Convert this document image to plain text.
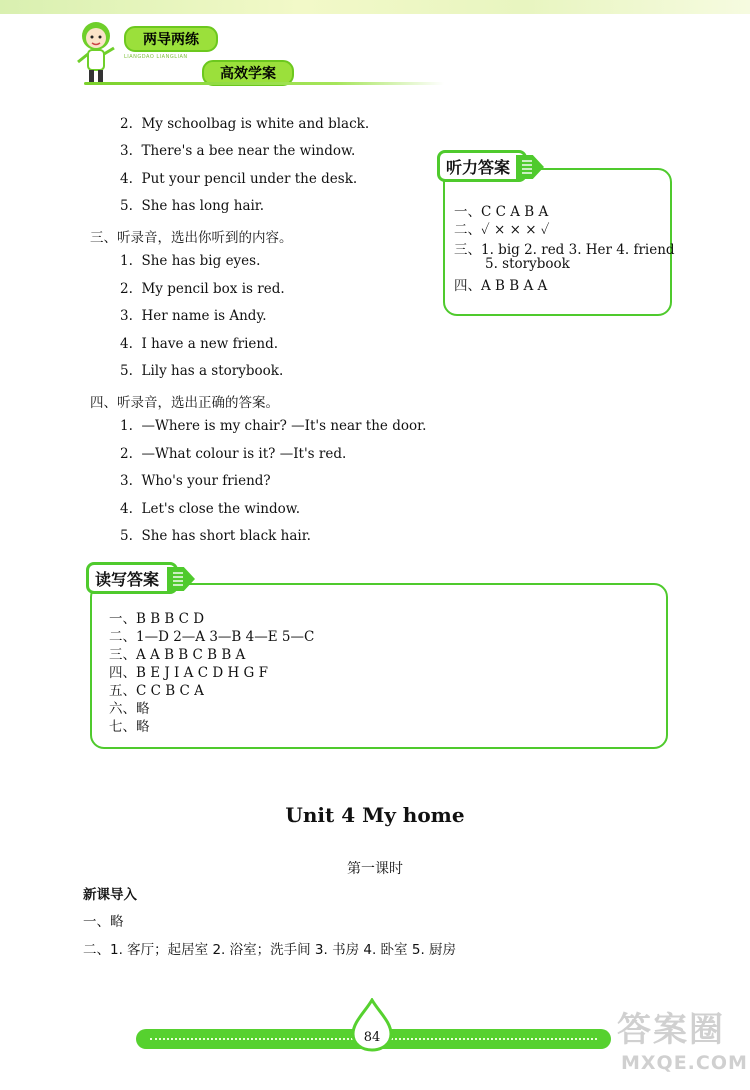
两导两练
LIANGDAO LIANGLIAN
高效学案
2. My schoolbag is white and black.
3. There's a bee near the window.
4. Put your pencil under the desk.
5. She has long hair.
三、听录音，选出你听到的内容。
1. She has big eyes.
2. My pencil box is red.
3. Her name is Andy.
4. I have a new friend.
5. Lily has a storybook.
四、听录音，选出正确的答案。
1. —Where is my chair? —It's near the door.
2. —What colour is it? —It's red.
3. Who's your friend?
4. Let's close the window.
5. She has short black hair.
一、C C A B A
二、✓ × × × ✓
三、1. big 2. red 3. Her 4. friend
5. storybook
四、A B B A A
听力答案
一、B B B C D
二、1—D 2—A 3—B 4—E 5—C
三、A A B B C B B A
四、B E J I A C D H G F
五、C C B C A
六、略
七、略
读写答案
Unit 4 My home
第一课时
新课导入
一、略
二、1. 客厅；起居室 2. 浴室；洗手间 3. 书房 4. 卧室 5. 厨房
84	答案圈
MXQE.COM
